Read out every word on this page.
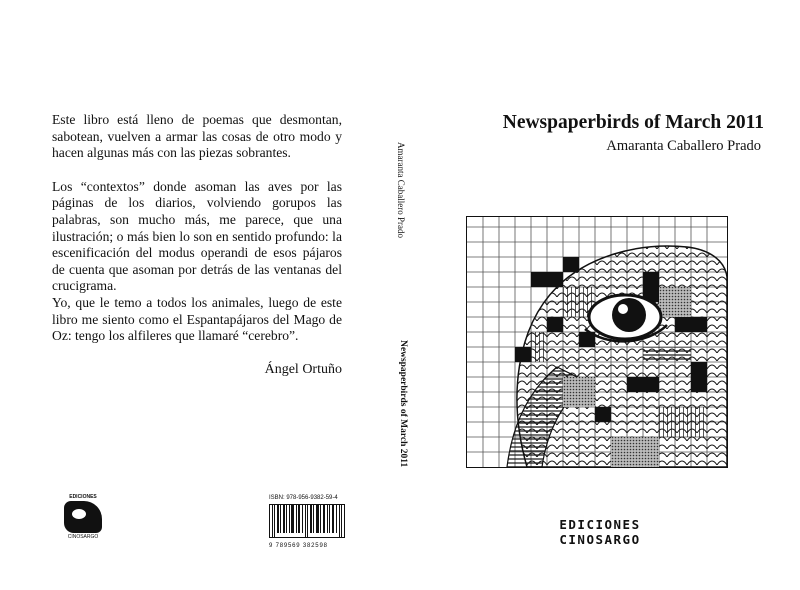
Este libro está lleno de poemas que desmontan, sabotean, vuelven a armar las cosas de otro modo y hacen algunas más con las piezas sobrantes.

Los “contextos” donde asoman las aves por las páginas de los diarios, volviendo gorupos las palabras, son mucho más, me parece, que una ilustración; o más bien lo son en sentido profundo: la escenificación del modus operandi de esos pájaros de cuenta que asoman por detrás de las ventanas del crucigrama.

Yo, que le temo a todos los animales, luego de este libro me siento como el Espantapájaros del Mago de Oz: tengo los alfileres que llamaré “cerebro”.

Ángel Ortuño
Amaranta Caballero Prado
Newspaperbirds of March 2011
Newspaperbirds of March 2011
Amaranta Caballero Prado
EDICIONES
CINOSARGO
EDICIONES
CINOSARGO
ISBN: 978-956-9382-59-4
9 789569 382598
